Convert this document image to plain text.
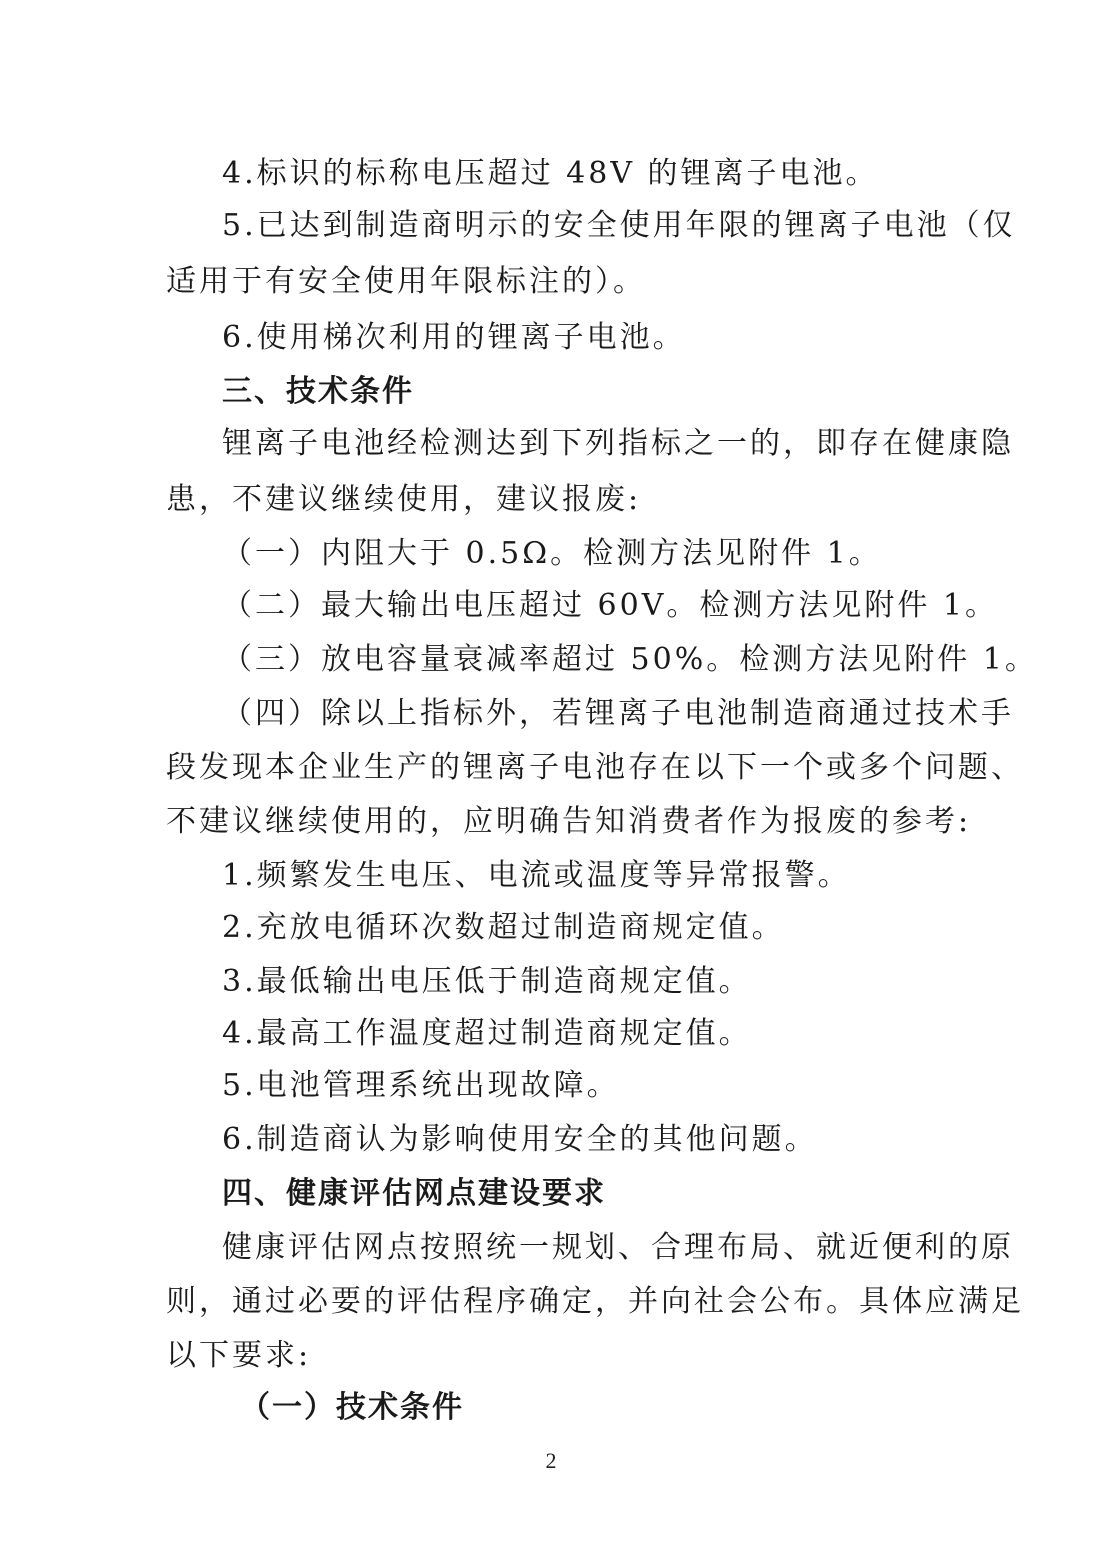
4.标识的标称电压超过 48V 的锂离子电池。
5.已达到制造商明示的安全使用年限的锂离子电池（仅
适用于有安全使用年限标注的）。
6.使用梯次利用的锂离子电池。
三、技术条件
锂离子电池经检测达到下列指标之一的，即存在健康隐
患，不建议继续使用，建议报废:
（一）内阻大于 0.5Ω。检测方法见附件 1。
（二）最大输出电压超过 60V。检测方法见附件 1。
（三）放电容量衰减率超过 50%。检测方法见附件 1。
（四）除以上指标外，若锂离子电池制造商通过技术手
段发现本企业生产的锂离子电池存在以下一个或多个问题、
不建议继续使用的，应明确告知消费者作为报废的参考:
1.频繁发生电压、电流或温度等异常报警。
2.充放电循环次数超过制造商规定值。
3.最低输出电压低于制造商规定值。
4.最高工作温度超过制造商规定值。
5.电池管理系统出现故障。
6.制造商认为影响使用安全的其他问题。
四、健康评估网点建设要求
健康评估网点按照统一规划、合理布局、就近便利的原
则，通过必要的评估程序确定，并向社会公布。具体应满足
以下要求:
（一）技术条件
2
